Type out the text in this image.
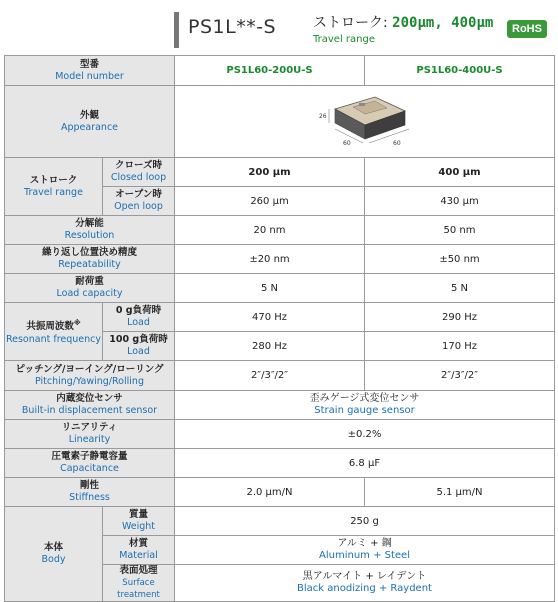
PS1L**-S	ストローク: 200μm, 400μm
Travel range
RoHS
型番
Model number		PS1L60-200U-S	PS1L60-400U-S

外観
Appearance		26
60 60	

ストローク
Travel range	クローズ時
Closed loop	200 μm	400 μm

	オープン時
Open loop	260 μm	430 μm

分解能
Resolution		20 nm	50 nm

繰り返し位置決め精度
Repeatability		±20 nm	±50 nm

耐荷重
Load capacity		5 N	5 N

共振周波数※
Resonant frequency	0 g負荷時
Load	470 Hz	290 Hz

	100 g負荷時
Load	280 Hz	170 Hz

ピッチング/ヨーイング/ローリング
Pitching/Yawing/Rolling		2″/3″/2″	2″/3″/2″

内蔵変位センサ
Built-in displacement sensor		歪みゲージ式変位センサ
Strain gauge sensor	

リニアリティ
Linearity		±0.2%	

圧電素子静電容量
Capacitance		6.8 μF	

剛性
Stiffness		2.0 μm/N	5.1 μm/N

本体
Body	質量
Weight	250 g	

	材質
Material	アルミ + 鋼
Aluminum + Steel	

	表面処理
Surface treatment	黒アルマイト + レイデント
Black anodizing + Raydent	
